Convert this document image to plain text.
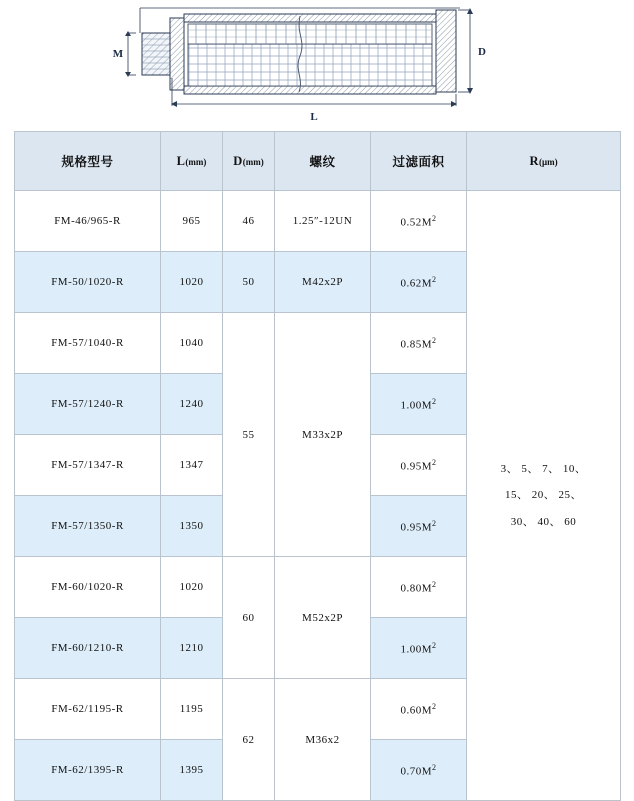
M	D
L
规格型号	L(mm)	D(mm)	螺纹	过滤面积	R(μm)
FM-46/965-R	965	46	1.25″-12UN	$0.52M^2$	3、 5、 7、 10、
15、 20、 25、
30、 40、 60

FM-50/1020-R	1020	50	M42x2P	$0.62M^2$
FM-57/1040-R	1040	55	M33x2P	$0.85M^2$
FM-57/1240-R	1240			$1.00M^2$
FM-57/1347-R	1347			$0.95M^2$
FM-57/1350-R	1350			$0.95M^2$
FM-60/1020-R	1020	60	M52x2P	$0.80M^2$
FM-60/1210-R	1210			$1.00M^2$
FM-62/1195-R	1195	62	M36x2	$0.60M^2$
FM-62/1395-R	1395			$0.70M^2$
